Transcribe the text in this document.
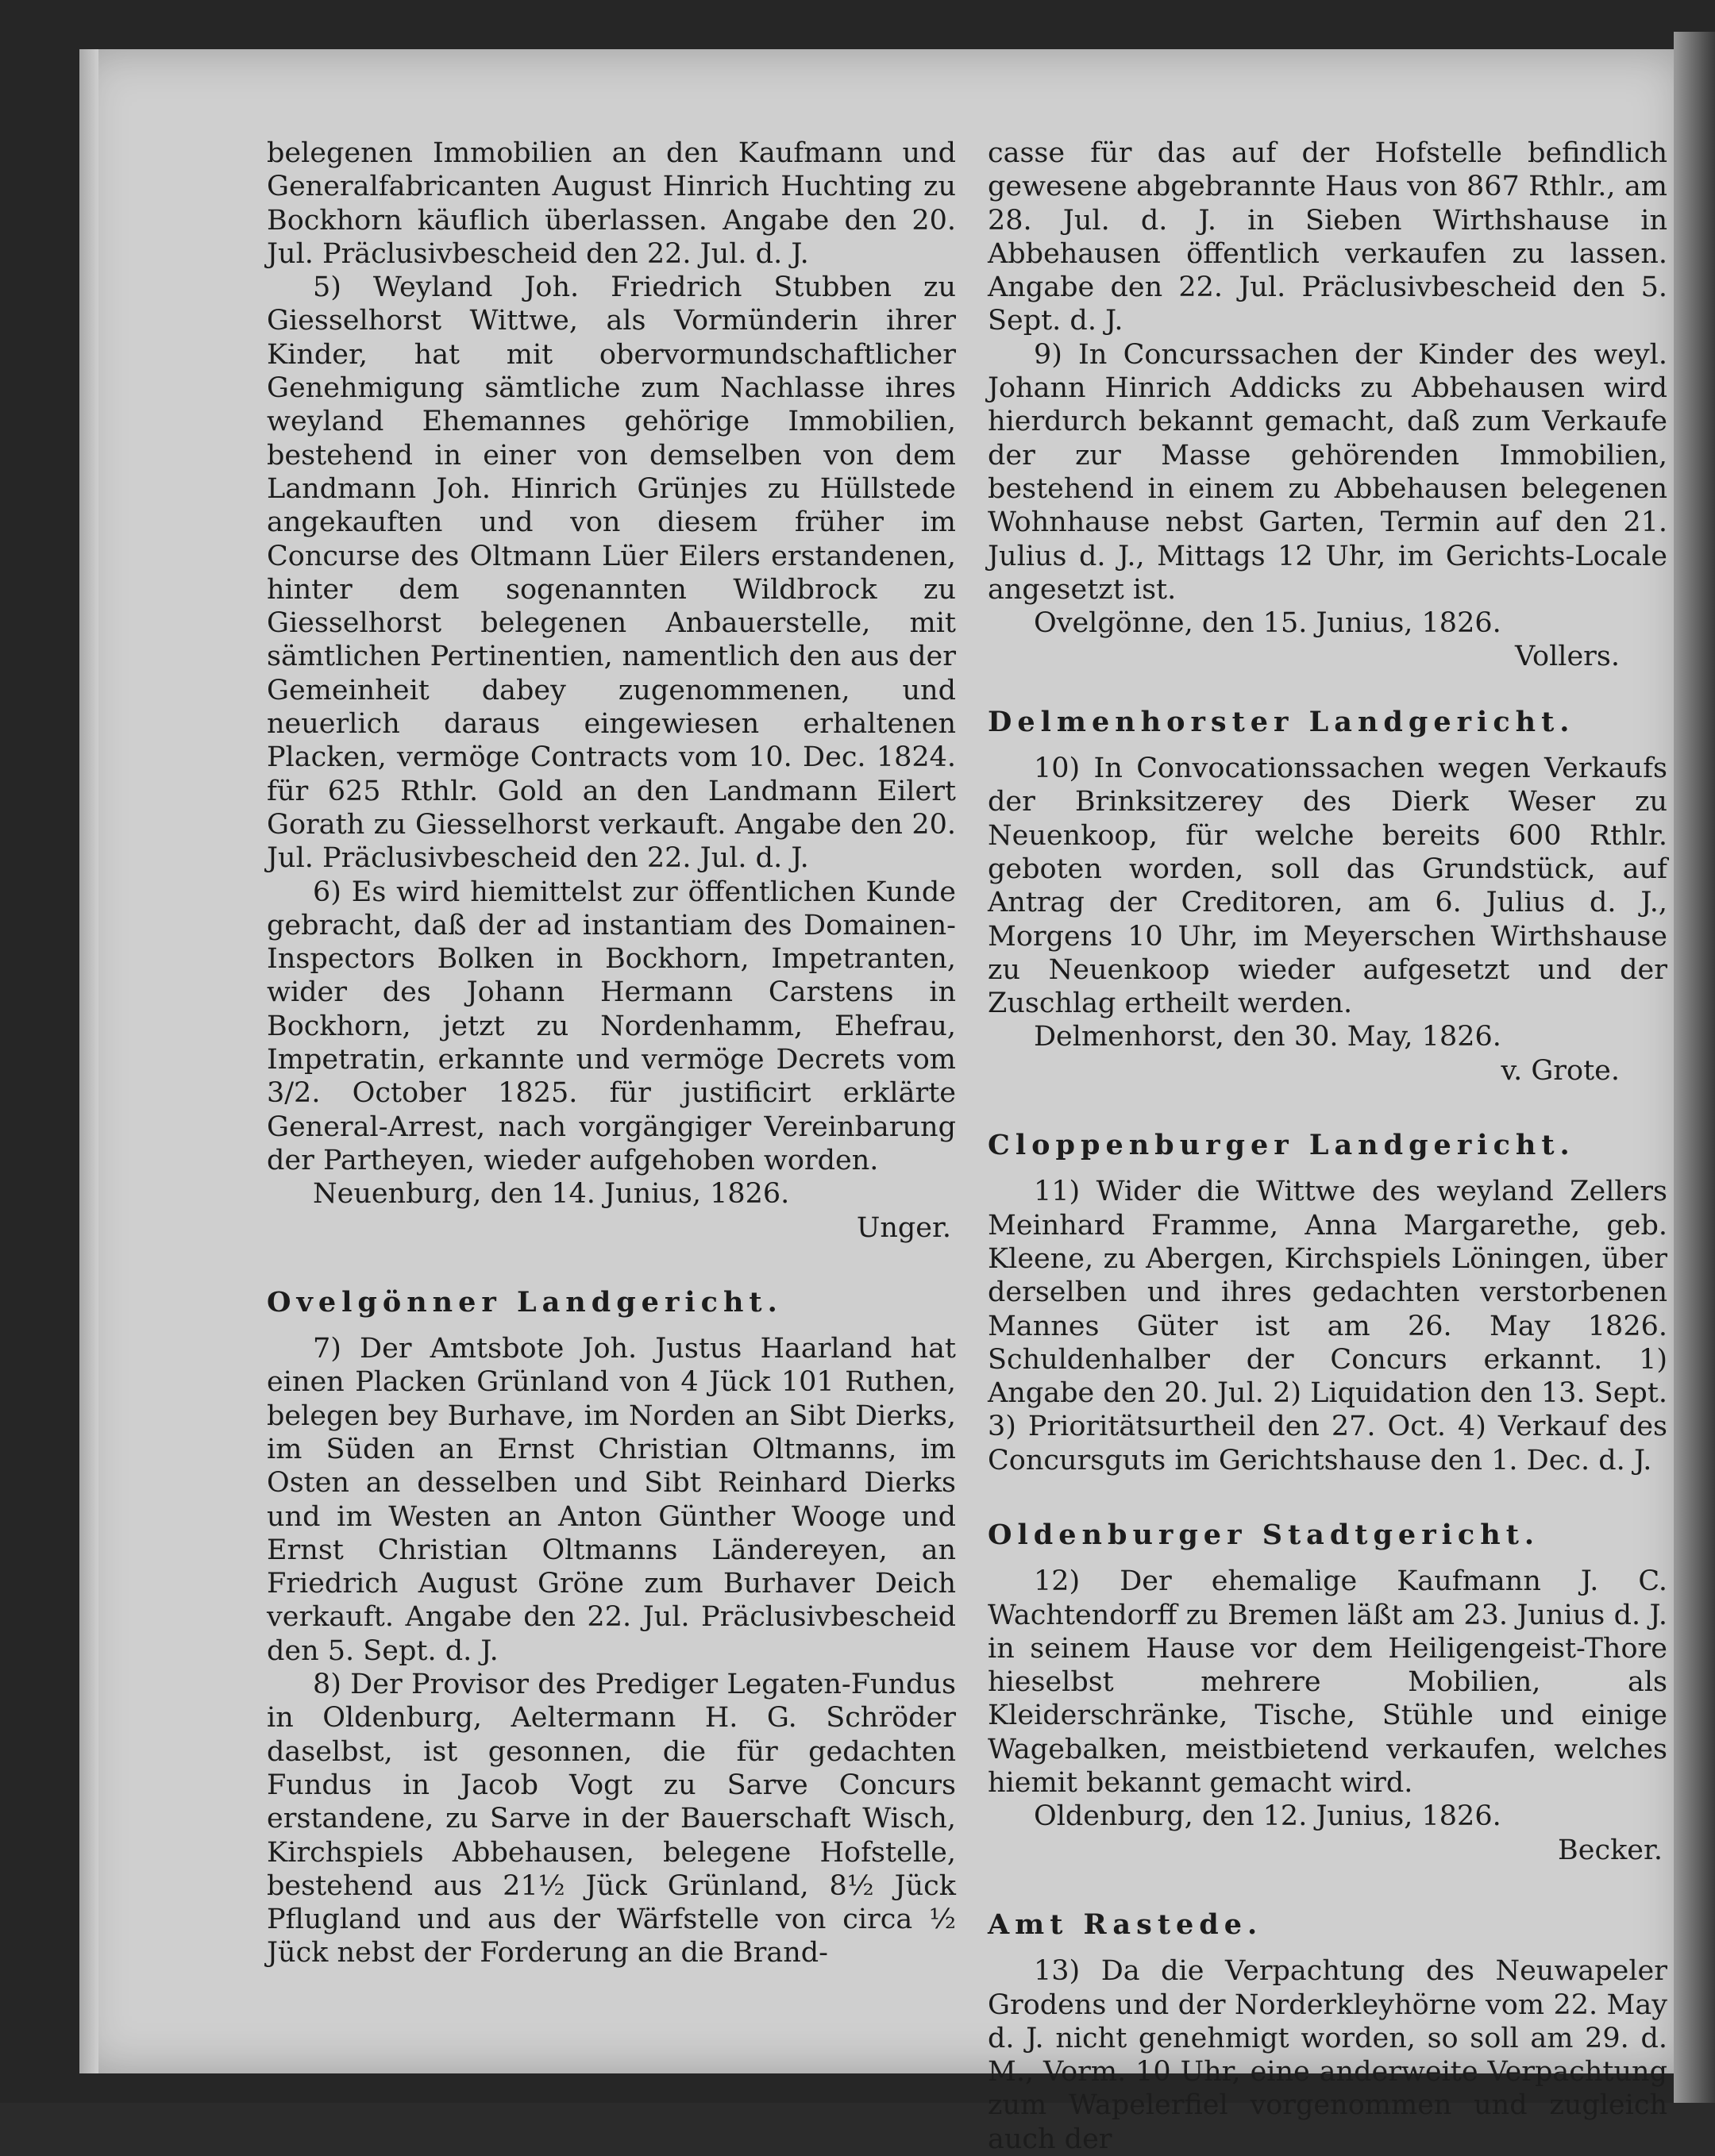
belegenen Immobilien an den Kaufmann und Generalfabricanten August Hinrich Huchting zu Bockhorn käuflich überlassen. Angabe den 20. Jul. Präclusivbescheid den 22. Jul. d. J.

5) Weyland Joh. Friedrich Stubben zu Giesselhorst Wittwe, als Vormünderin ihrer Kinder, hat mit obervormundschaftlicher Genehmigung sämtliche zum Nachlasse ihres weyland Ehemannes gehörige Immobilien, bestehend in einer von demselben von dem Landmann Joh. Hinrich Grünjes zu Hüllstede angekauften und von diesem früher im Concurse des Oltmann Lüer Eilers erstandenen, hinter dem sogenannten Wildbrock zu Giesselhorst belegenen Anbauerstelle, mit sämtlichen Pertinentien, namentlich den aus der Gemeinheit dabey zugenommenen, und neuerlich daraus eingewiesen erhaltenen Placken, vermöge Contracts vom 10. Dec. 1824. für 625 Rthlr. Gold an den Landmann Eilert Gorath zu Giesselhorst verkauft. Angabe den 20. Jul. Präclusivbescheid den 22. Jul. d. J.

6) Es wird hiemittelst zur öffentlichen Kunde gebracht, daß der ad instantiam des Domainen-Inspectors Bolken in Bockhorn, Impetranten, wider des Johann Hermann Carstens in Bockhorn, jetzt zu Nordenhamm, Ehefrau, Impetratin, erkannte und vermöge Decrets vom 3/2. October 1825. für justificirt erklärte General-Arrest, nach vorgängiger Vereinbarung der Partheyen, wieder aufgehoben worden.

Neuenburg, den 14. Junius, 1826.
Unger.
Ovelgönner Landgericht.

7) Der Amtsbote Joh. Justus Haarland hat einen Placken Grünland von 4 Jück 101 Ruthen, belegen bey Burhave, im Norden an Sibt Dierks, im Süden an Ernst Christian Oltmanns, im Osten an desselben und Sibt Reinhard Dierks und im Westen an Anton Günther Wooge und Ernst Christian Oltmanns Ländereyen, an Friedrich August Gröne zum Burhaver Deich verkauft. Angabe den 22. Jul. Präclusivbescheid den 5. Sept. d. J.

8) Der Provisor des Prediger Legaten-Fundus in Oldenburg, Aeltermann H. G. Schröder daselbst, ist gesonnen, die für gedachten Fundus in Jacob Vogt zu Sarve Concurs erstandene, zu Sarve in der Bauerschaft Wisch, Kirchspiels Abbehausen, belegene Hofstelle, bestehend aus 21½ Jück Grünland, 8½ Jück Pflugland und aus der Wärfstelle von circa ½ Jück nebst der Forderung an die Brand-

casse für das auf der Hofstelle befindlich gewesene abgebrannte Haus von 867 Rthlr., am 28. Jul. d. J. in Sieben Wirthshause in Abbehausen öffentlich verkaufen zu lassen. Angabe den 22. Jul. Präclusivbescheid den 5. Sept. d. J.

9) In Concurssachen der Kinder des weyl. Johann Hinrich Addicks zu Abbehausen wird hierdurch bekannt gemacht, daß zum Verkaufe der zur Masse gehörenden Immobilien, bestehend in einem zu Abbehausen belegenen Wohnhause nebst Garten, Termin auf den 21. Julius d. J., Mittags 12 Uhr, im Gerichts-Locale angesetzt ist.

Ovelgönne, den 15. Junius, 1826.
Vollers.
Delmenhorster Landgericht.

10) In Convocationssachen wegen Verkaufs der Brinksitzerey des Dierk Weser zu Neuenkoop, für welche bereits 600 Rthlr. geboten worden, soll das Grundstück, auf Antrag der Creditoren, am 6. Julius d. J., Morgens 10 Uhr, im Meyerschen Wirthshause zu Neuenkoop wieder aufgesetzt und der Zuschlag ertheilt werden.

Delmenhorst, den 30. May, 1826.
v. Grote.
Cloppenburger Landgericht.

11) Wider die Wittwe des weyland Zellers Meinhard Framme, Anna Margarethe, geb. Kleene, zu Abergen, Kirchspiels Löningen, über derselben und ihres gedachten verstorbenen Mannes Güter ist am 26. May 1826. Schuldenhalber der Concurs erkannt. 1) Angabe den 20. Jul. 2) Liquidation den 13. Sept. 3) Prioritätsurtheil den 27. Oct. 4) Verkauf des Concursguts im Gerichtshause den 1. Dec. d. J.

Oldenburger Stadtgericht.

12) Der ehemalige Kaufmann J. C. Wachtendorff zu Bremen läßt am 23. Junius d. J. in seinem Hause vor dem Heiligengeist-Thore hieselbst mehrere Mobilien, als Kleiderschränke, Tische, Stühle und einige Wagebalken, meistbietend verkaufen, welches hiemit bekannt gemacht wird.

Oldenburg, den 12. Junius, 1826.
Becker.
Amt Rastede.

13) Da die Verpachtung des Neuwapeler Grodens und der Norderkleyhörne vom 22. May d. J. nicht genehmigt worden, so soll am 29. d. M., Vorm. 10 Uhr, eine anderweite Verpachtung zum Wapelerfiel vorgenommen und zugleich auch der
